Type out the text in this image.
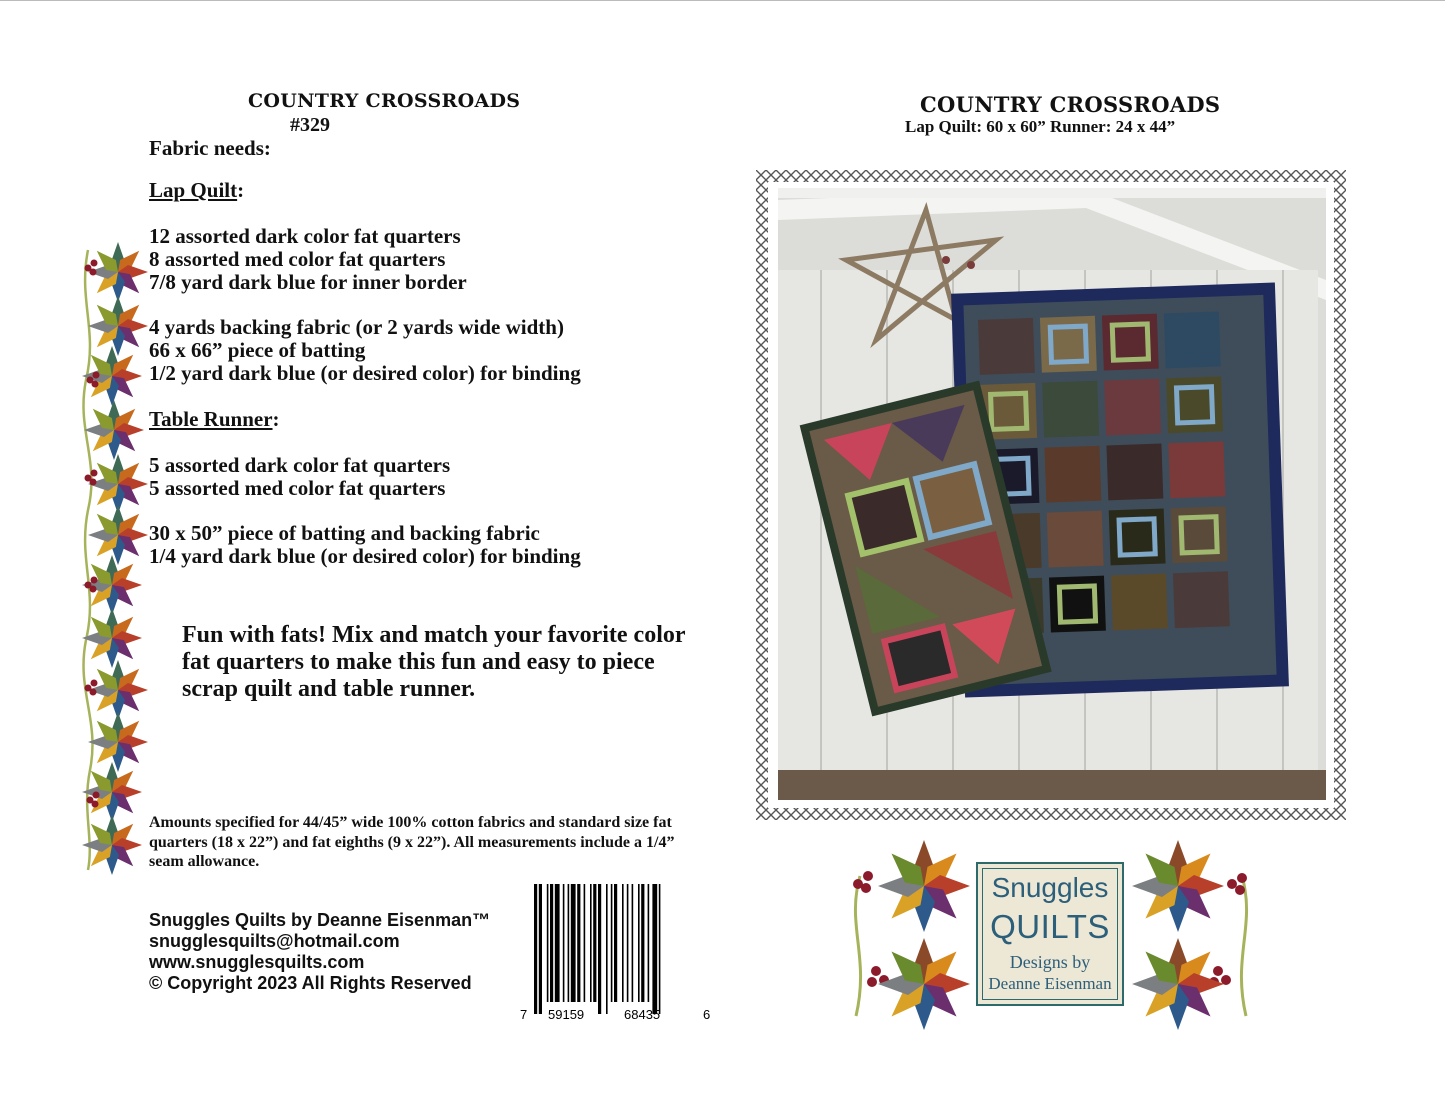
COUNTRY CROSSROADS
#329
Fabric needs:
Lap Quilt:
12 assorted dark color fat quarters
8 assorted med color fat quarters
7/8 yard dark blue for inner border
4 yards backing fabric (or 2 yards wide width)
66 x 66” piece of batting
1/2 yard dark blue (or desired color) for binding
Table Runner:
5 assorted dark color fat quarters
5 assorted med color fat quarters
30 x 50” piece of batting and backing fabric
1/4 yard dark blue (or desired color) for binding
Fun with fats! Mix and match your favorite color fat quarters to make this fun and easy to piece scrap quilt and table runner.
Amounts specified for 44/45” wide 100% cotton fabrics and standard size fat quarters (18 x 22”) and fat eighths (9 x 22”). All measurements include a 1/4” seam allowance.
Snuggles Quilts by Deanne Eisenman™
snugglesquilts@hotmail.com
www.snugglesquilts.com
© Copyright 2023 All Rights Reserved
7 59159	68435	6
COUNTRY CROSSROADS
Lap Quilt: 60 x 60” Runner: 24 x 44”
Snuggles
QUILTS
Designs by
Deanne Eisenman
